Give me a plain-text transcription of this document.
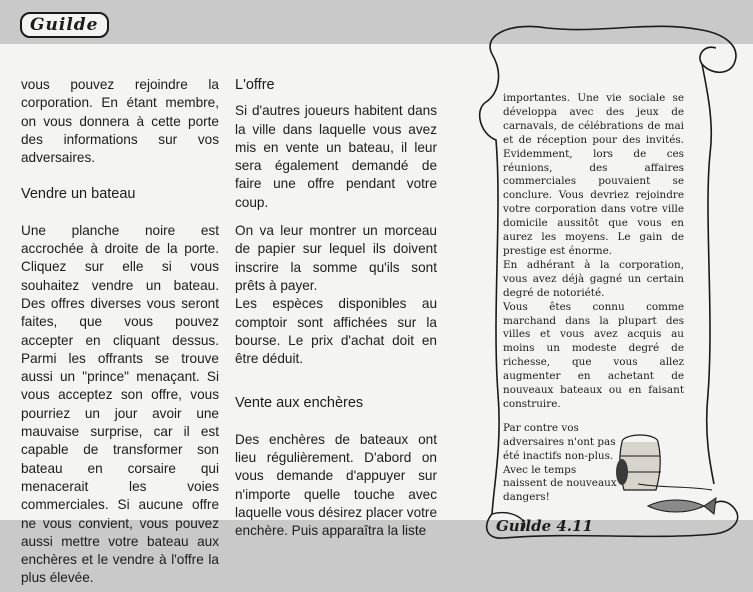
Guilde

vous pouvez rejoindre la corporation. En étant membre, on vous donnera à cette porte des informations sur vos adversaires.

Vendre un bateau

Une planche noire est accrochée à droite de la porte. Cliquez sur elle si vous souhaitez vendre un bateau. Des offres diverses vous seront faites, que vous pouvez accepter en cliquant dessus. Parmi les offrants se trouve aussi un "prince" menaçant. Si vous acceptez son offre, vous pourriez un jour avoir une mauvaise surprise, car il est capable de transformer son bateau en corsaire qui menacerait les voies commerciales. Si aucune offre ne vous convient, vous pouvez aussi mettre votre bateau aux enchères et le vendre à l'offre la plus élevée.

L'offre

Si d'autres joueurs habitent dans la ville dans laquelle vous avez mis en vente un bateau, il leur sera également demandé de faire une offre pendant votre coup.

On va leur montrer un morceau de papier sur lequel ils doivent inscrire la somme qu'ils sont prêts à payer.

Les espèces disponibles au comptoir sont affichées sur la bourse. Le prix d'achat doit en être déduit.

Vente aux enchères

Des enchères de bateaux ont lieu régulièrement. D'abord on vous demande d'appuyer sur n'importe quelle touche avec laquelle vous désirez placer votre enchère. Puis apparaîtra la liste

importantes. Une vie sociale se développa avec des jeux de carnavals, de célébrations de mai et de réception pour des invités. Evidemment, lors de ces réunions, des affaires commerciales pouvaient se conclure. Vous devriez rejoindre votre corporation dans votre ville domicile aussitôt que vous en aurez les moyens. Le gain de prestige est énorme.

En adhérant à la corporation, vous avez déjà gagné un certain degré de notoriété.

Vous êtes connu comme marchand dans la plupart des villes et vous avez acquis au moins un modeste degré de richesse, que vous allez augmenter en achetant de nouveaux bateaux ou en faisant construire.

Par contre vos adversaires n'ont pas été inactifs non-plus. Avec le temps naissent de nouveaux dangers!

Guilde 4.11
